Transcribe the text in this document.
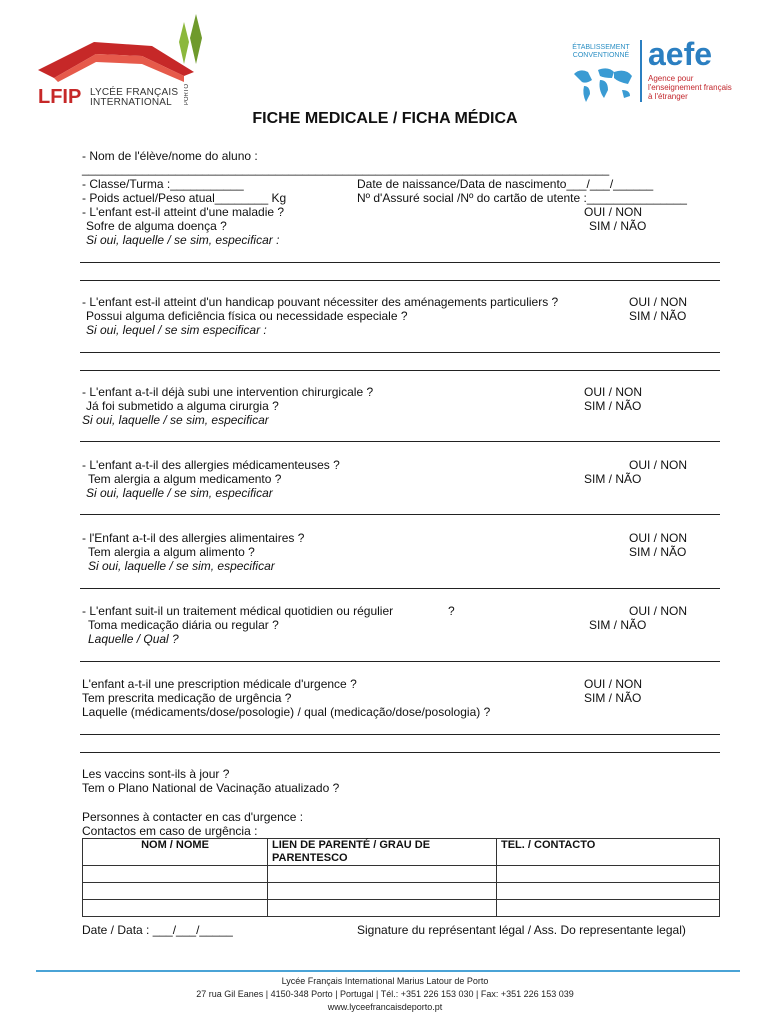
LFIP LYCÉE FRANÇAIS
INTERNATIONAL	PORTO
ÉTABLISSEMENT
CONVENTIONNÉ aefe
Agence pour
l'enseignement français
à l'étranger
FICHE MEDICALE / FICHA MÉDICA
- Nom de l'élève/nome do aluno :
_______________________________________________________________________________
- Classe/Turma :___________	Date de naissance/Data de nascimento___/___/______
- Poids actuel/Peso atual________ Kg	Nº d'Assuré social /Nº do cartão de utente :_______________
- L'enfant est-il atteint d'une maladie ?
Sofre de alguma doença ?
Si oui, laquelle / se sim, especificar :
OUI / NON
SIM / NÃO
- L'enfant est-il atteint d'un handicap pouvant nécessiter des aménagements particuliers ?
Possui alguma deficiência física ou necessidade especiale ?
Si oui, lequel / se sim especificar :
OUI / NON
SIM / NÃO
- L'enfant a-t-il déjà subi une intervention chirurgicale ?
Já foi submetido a alguma cirurgia ?
Si oui, laquelle / se sim, especificar
OUI / NON
SIM / NÃO
- L'enfant a-t-il des allergies médicamenteuses ?
Tem alergia a algum medicamento ?
Si oui, laquelle / se sim, especificar
OUI / NON
SIM / NÃO
- l'Enfant a-t-il des allergies alimentaires ?
Tem alergia a algum alimento ?
Si oui, laquelle / se sim, especificar
OUI / NON
SIM / NÃO
- L'enfant suit-il un traitement médical quotidien ou régulier	?
Toma medicação diária ou regular ?
Laquelle / Qual ?
OUI / NON
SIM / NÃO
L'enfant a-t-il une prescription médicale d'urgence ?
Tem prescrita medicação de urgência ?
Laquelle (médicaments/dose/posologie) / qual (medicação/dose/posologia) ?
OUI / NON
SIM / NÃO
Les vaccins sont-ils à jour ?
Tem o Plano National de Vacinação atualizado ?
Personnes à contacter en cas d'urgence :
Contactos em caso de urgência :
NOM / NOME	LIEN DE PARENTÉ / GRAU DE PARENTESCO	TEL. / CONTACTO

Date / Data : ___/___/_____	Signature du représentant légal / Ass. Do representante legal)
Lycée Français International Marius Latour de Porto
27 rua Gil Eanes | 4150-348 Porto | Portugal | Tél.: +351 226 153 030 | Fax: +351 226 153 039
www.lyceefrancaisdeporto.pt
